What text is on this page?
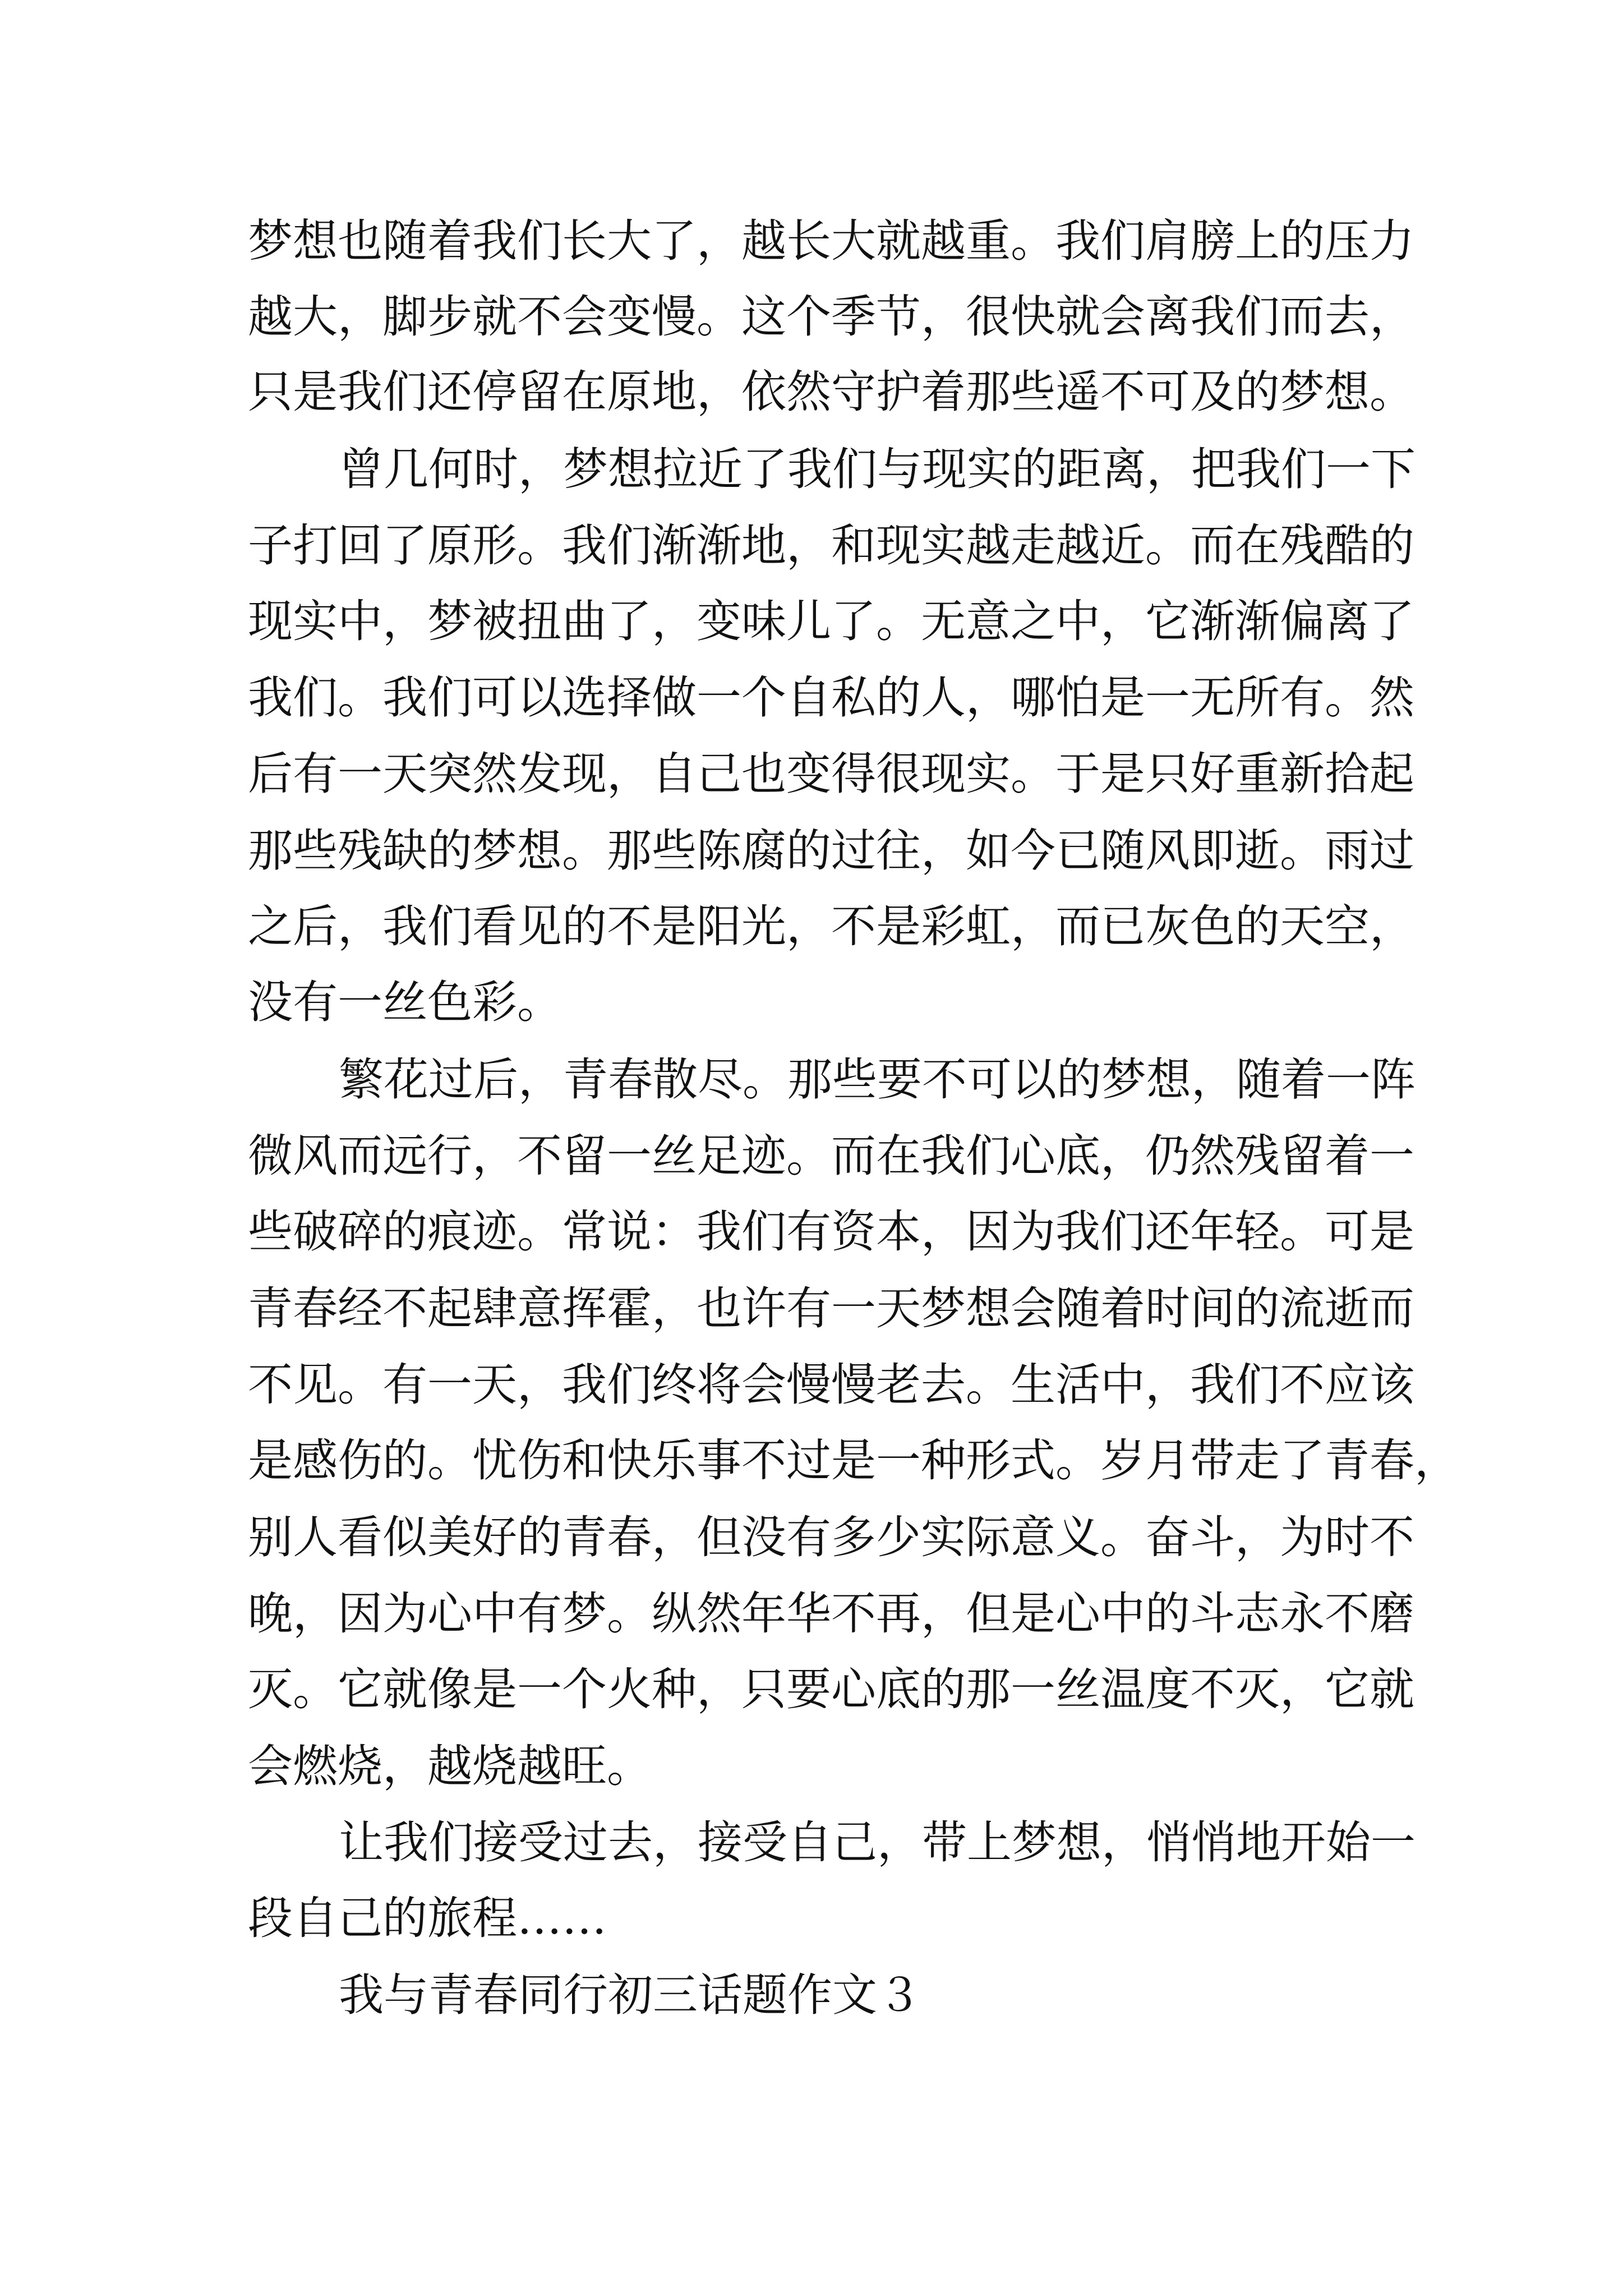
梦想也随着我们长大了，越长大就越重。我们肩膀上的压力
越大，脚步就不会变慢。这个季节，很快就会离我们而去，
只是我们还停留在原地，依然守护着那些遥不可及的梦想。
曾几何时，梦想拉近了我们与现实的距离，把我们一下
子打回了原形。我们渐渐地，和现实越走越近。而在残酷的
现实中，梦被扭曲了，变味儿了。无意之中，它渐渐偏离了
我们。我们可以选择做一个自私的人，哪怕是一无所有。然
后有一天突然发现，自己也变得很现实。于是只好重新拾起
那些残缺的梦想。那些陈腐的过往，如今已随风即逝。雨过
之后，我们看见的不是阳光，不是彩虹，而已灰色的天空，
没有一丝色彩。
繁花过后，青春散尽。那些要不可以的梦想，随着一阵
微风而远行，不留一丝足迹。而在我们心底，仍然残留着一
些破碎的痕迹。常说：我们有资本，因为我们还年轻。可是
青春经不起肆意挥霍，也许有一天梦想会随着时间的流逝而
不见。有一天，我们终将会慢慢老去。生活中，我们不应该
是感伤的。忧伤和快乐事不过是一种形式。岁月带走了青春，
别人看似美好的青春，但没有多少实际意义。奋斗，为时不
晚，因为心中有梦。纵然年华不再，但是心中的斗志永不磨
灭。它就像是一个火种，只要心底的那一丝温度不灭，它就
会燃烧，越烧越旺。
让我们接受过去，接受自己，带上梦想，悄悄地开始一
段自己的旅程……
我与青春同行初三话题作文３
